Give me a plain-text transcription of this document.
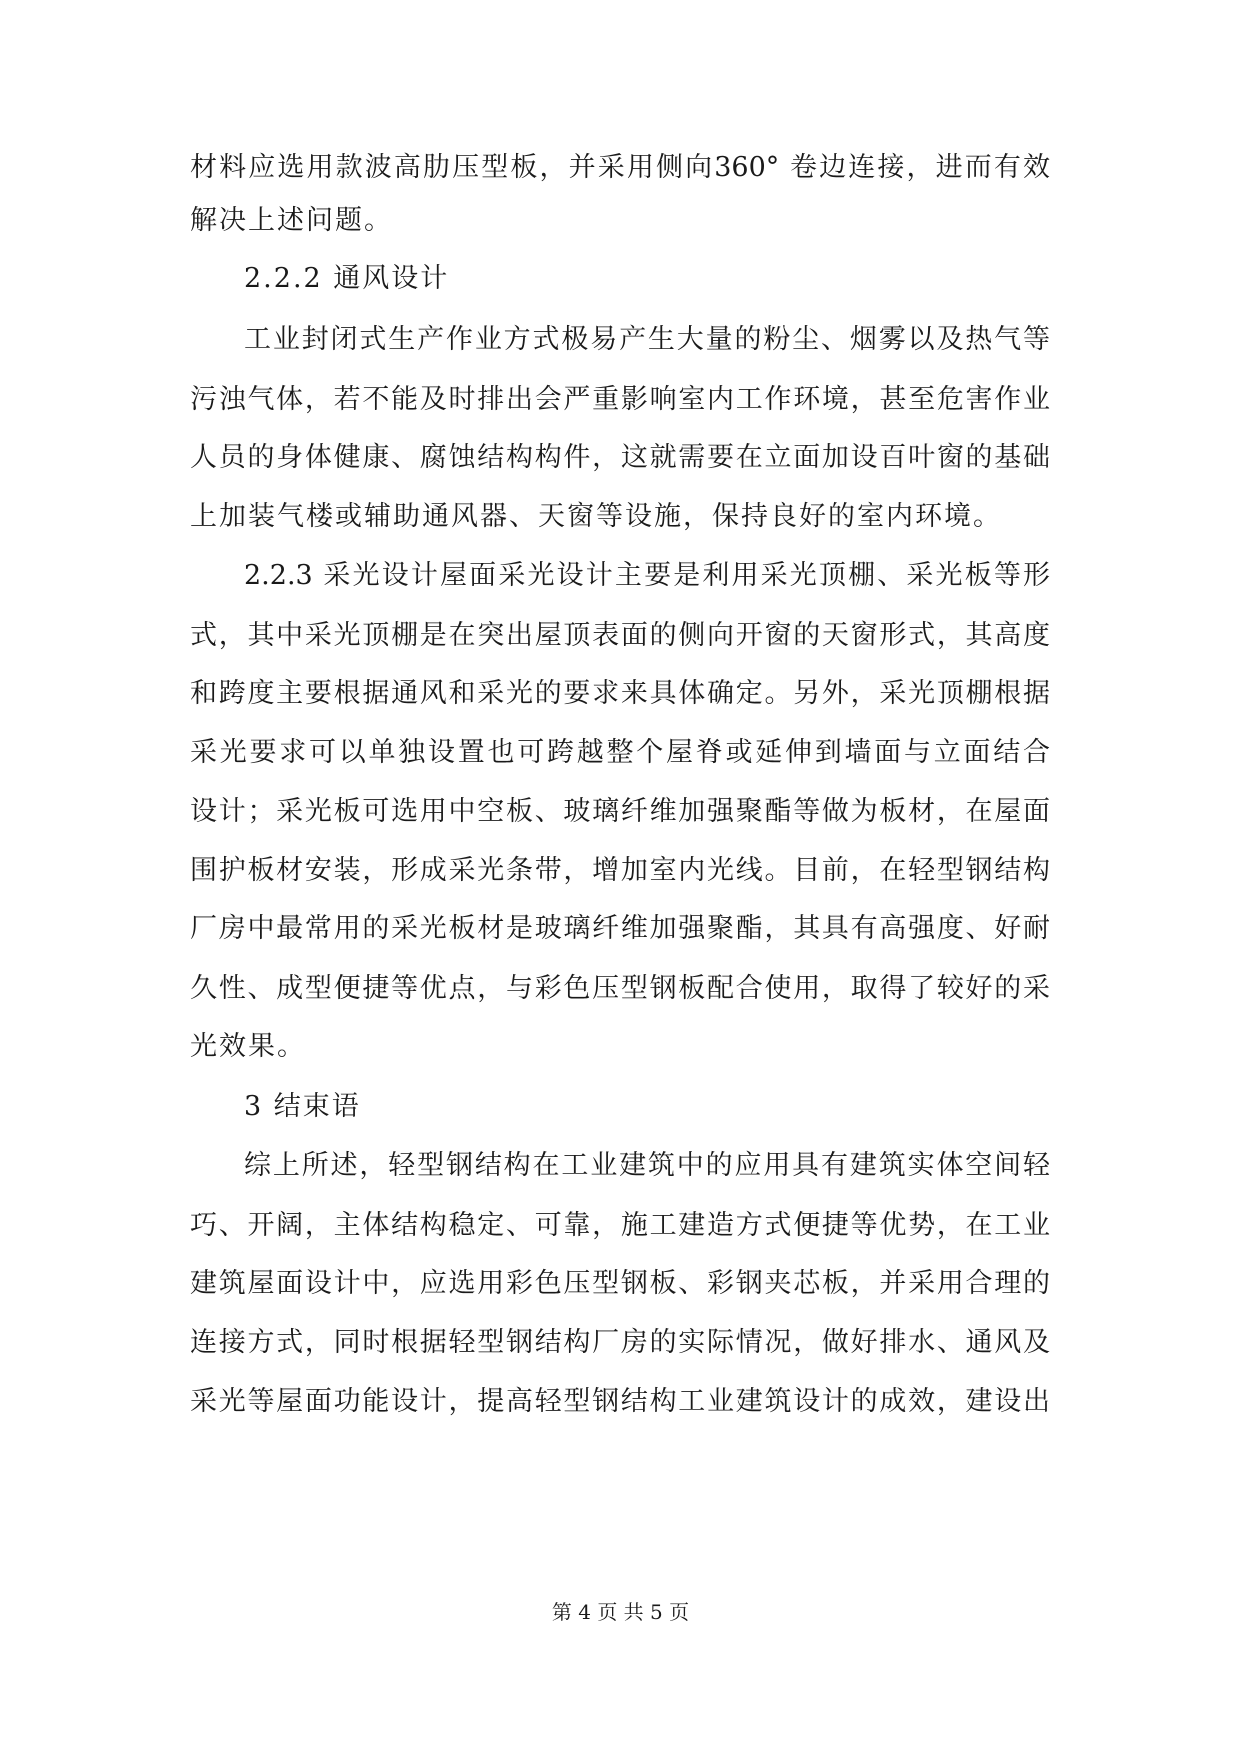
材料应选用款波高肋压型板，并采用侧向360° 卷边连接，进而有效
解决上述问题。
2.2.2 通风设计
工业封闭式生产作业方式极易产生大量的粉尘、烟雾以及热气等
污浊气体，若不能及时排出会严重影响室内工作环境，甚至危害作业
人员的身体健康、腐蚀结构构件，这就需要在立面加设百叶窗的基础
上加装气楼或辅助通风器、天窗等设施，保持良好的室内环境。
2.2.3 采光设计屋面采光设计主要是利用采光顶棚、采光板等形
式，其中采光顶棚是在突出屋顶表面的侧向开窗的天窗形式，其高度
和跨度主要根据通风和采光的要求来具体确定。另外，采光顶棚根据
采光要求可以单独设置也可跨越整个屋脊或延伸到墙面与立面结合
设计；采光板可选用中空板、玻璃纤维加强聚酯等做为板材，在屋面
围护板材安装，形成采光条带，增加室内光线。目前，在轻型钢结构
厂房中最常用的采光板材是玻璃纤维加强聚酯，其具有高强度、好耐
久性、成型便捷等优点，与彩色压型钢板配合使用，取得了较好的采
光效果。
3 结束语
综上所述，轻型钢结构在工业建筑中的应用具有建筑实体空间轻
巧、开阔，主体结构稳定、可靠，施工建造方式便捷等优势，在工业
建筑屋面设计中，应选用彩色压型钢板、彩钢夹芯板，并采用合理的
连接方式，同时根据轻型钢结构厂房的实际情况，做好排水、通风及
采光等屋面功能设计，提高轻型钢结构工业建筑设计的成效，建设出
第 4 页 共 5 页
